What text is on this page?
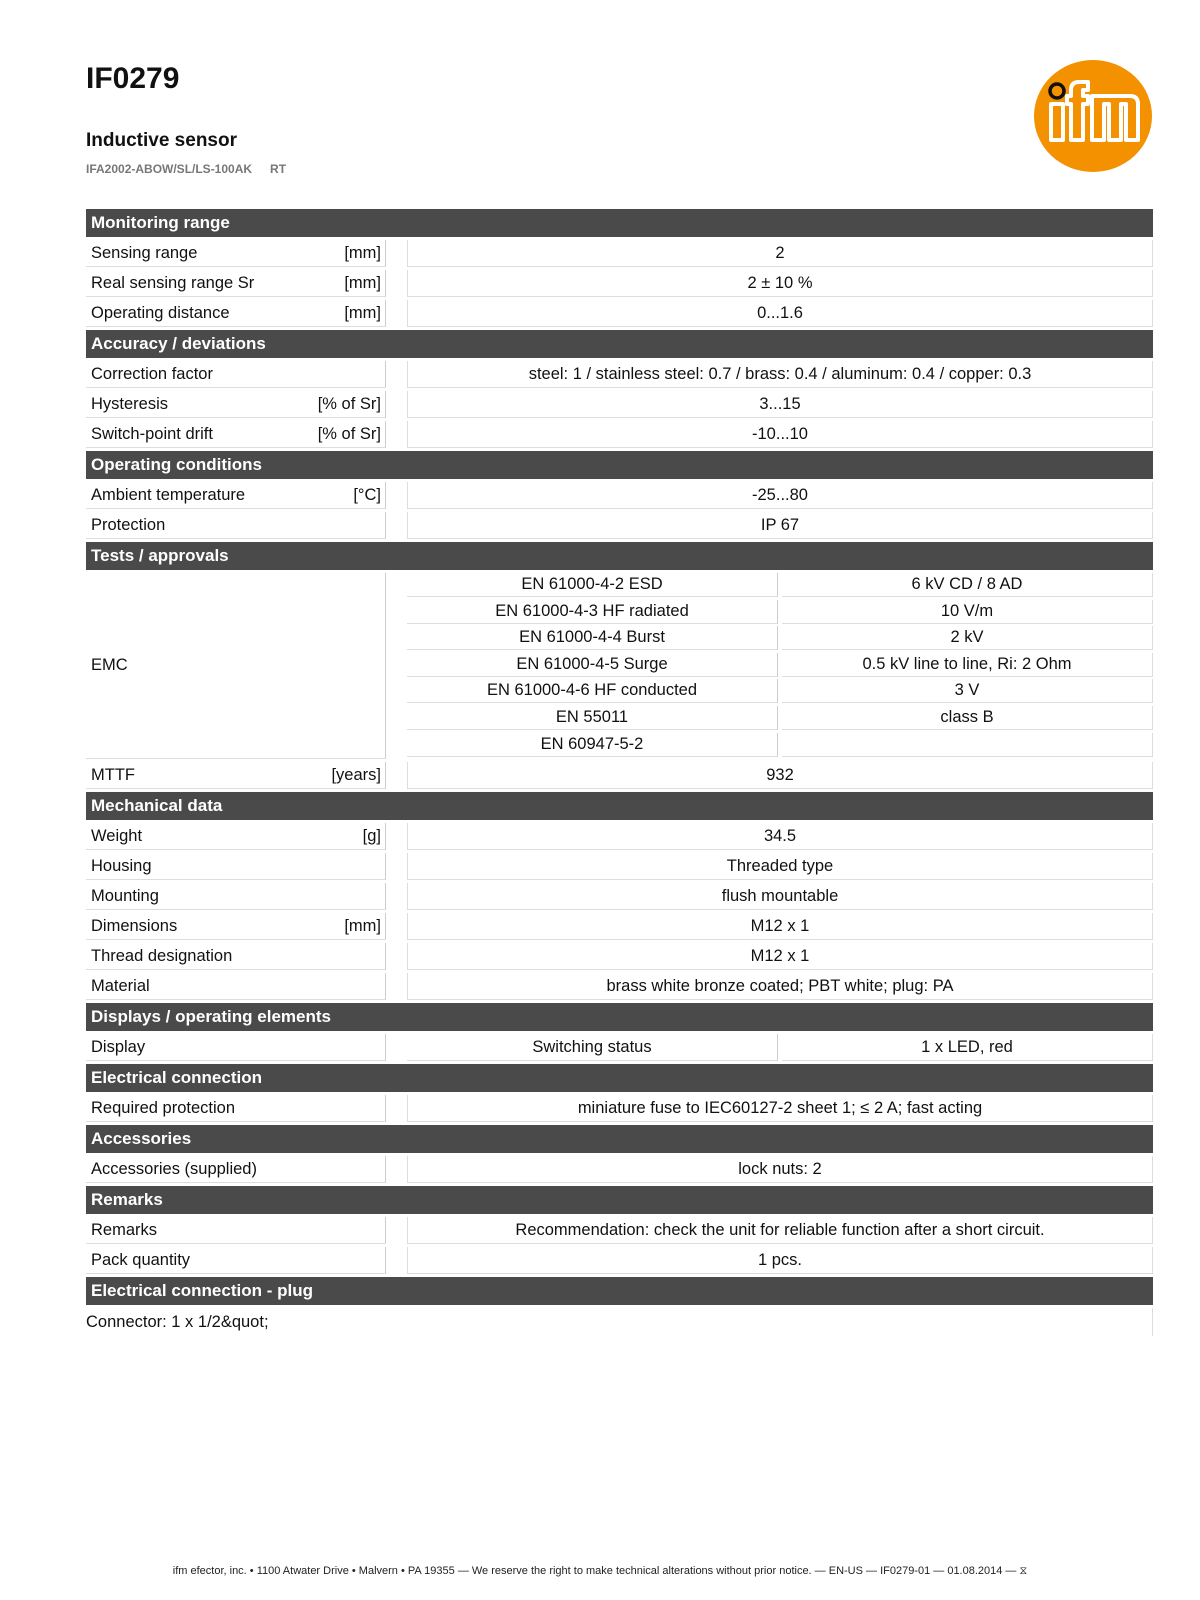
IF0279
Inductive sensor
IFA2002-ABOW/SL/LS-100AK RT
Monitoring range
Sensing range	[mm]	2
Real sensing range Sr	[mm]	2 ± 10 %
Operating distance	[mm]	0...1.6
Accuracy / deviations
Correction factor	steel: 1 / stainless steel: 0.7 / brass: 0.4 / aluminum: 0.4 / copper: 0.3
Hysteresis	[% of Sr]	3...15
Switch-point drift	[% of Sr]	-10...10
Operating conditions
Ambient temperature	[°C]	-25...80
Protection	IP 67
Tests / approvals
EMC
EN 61000-4-2 ESD	6 kV CD / 8 AD
EN 61000-4-3 HF radiated	10 V/m
EN 61000-4-4 Burst	2 kV
EN 61000-4-5 Surge	0.5 kV line to line, Ri: 2 Ohm
EN 61000-4-6 HF conducted	3 V
EN 55011	class B
EN 60947-5-2
MTTF	[years]	932
Mechanical data
Weight	[g]	34.5
Housing	Threaded type
Mounting	flush mountable
Dimensions	[mm]	M12 x 1
Thread designation	M12 x 1
Material	brass white bronze coated; PBT white; plug: PA
Displays / operating elements
Display	Switching status	1 x LED, red
Electrical connection
Required protection	miniature fuse to IEC60127-2 sheet 1; ≤ 2 A; fast acting
Accessories
Accessories (supplied)	lock nuts: 2
Remarks
Remarks	Recommendation: check the unit for reliable function after a short circuit.
Pack quantity	1 pcs.
Electrical connection - plug
Connector: 1 x 1/2&quot;
ifm efector, inc. • 1100 Atwater Drive • Malvern • PA 19355 — We reserve the right to make technical alterations without prior notice. — EN-US — IF0279-01 — 01.08.2014 — ⧖
